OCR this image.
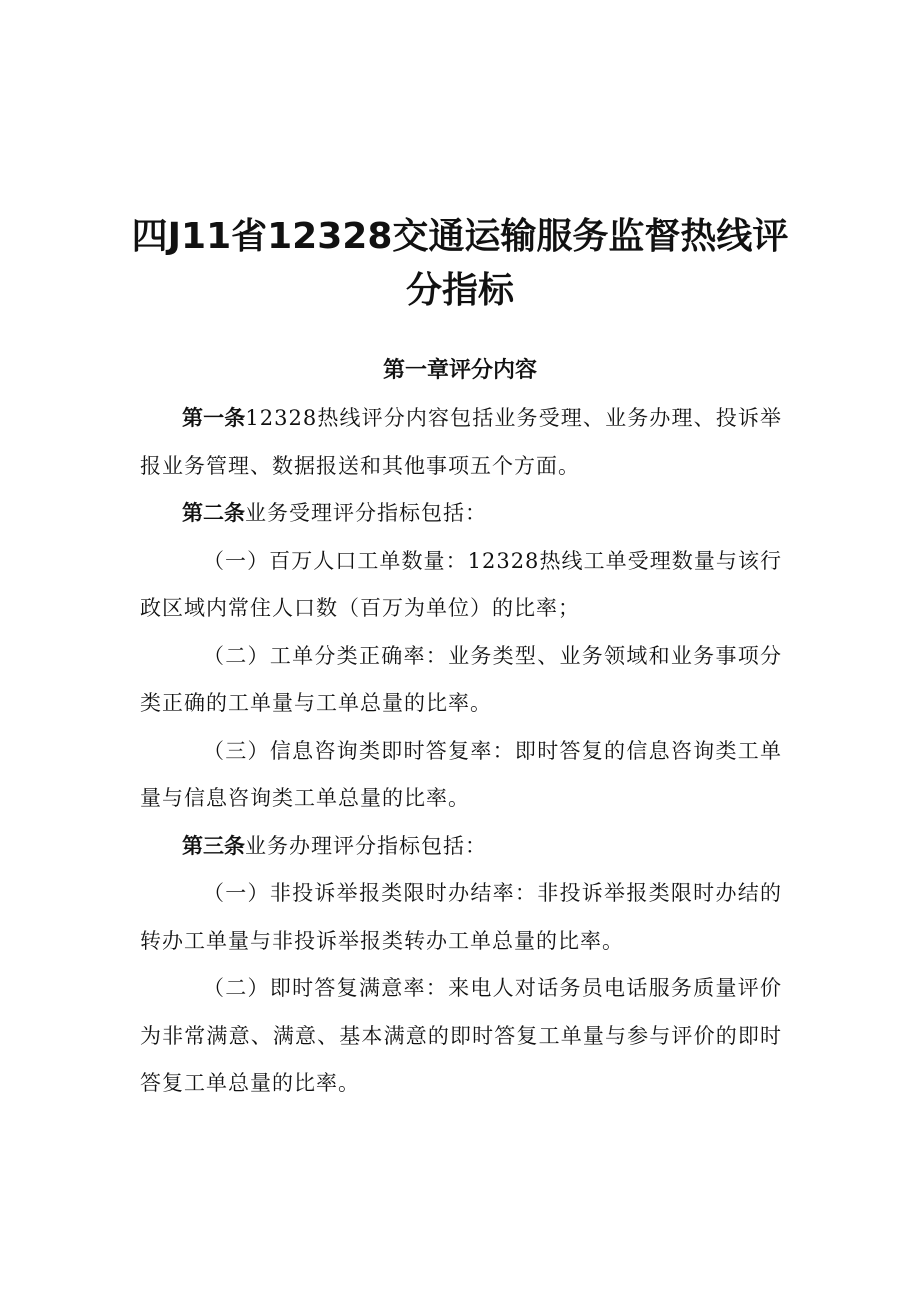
四J11省12328交通运输服务监督热线评分指标
第一章评分内容

第一条12328热线评分内容包括业务受理、业务办理、投诉举报业务管理、数据报送和其他事项五个方面。

第二条业务受理评分指标包括：

（一）百万人口工单数量：12328热线工单受理数量与该行政区域内常住人口数（百万为单位）的比率；

（二）工单分类正确率：业务类型、业务领域和业务事项分类正确的工单量与工单总量的比率。

（三）信息咨询类即时答复率：即时答复的信息咨询类工单量与信息咨询类工单总量的比率。

第三条业务办理评分指标包括：

（一）非投诉举报类限时办结率：非投诉举报类限时办结的转办工单量与非投诉举报类转办工单总量的比率。

（二）即时答复满意率：来电人对话务员电话服务质量评价为非常满意、满意、基本满意的即时答复工单量与参与评价的即时答复工单总量的比率。
